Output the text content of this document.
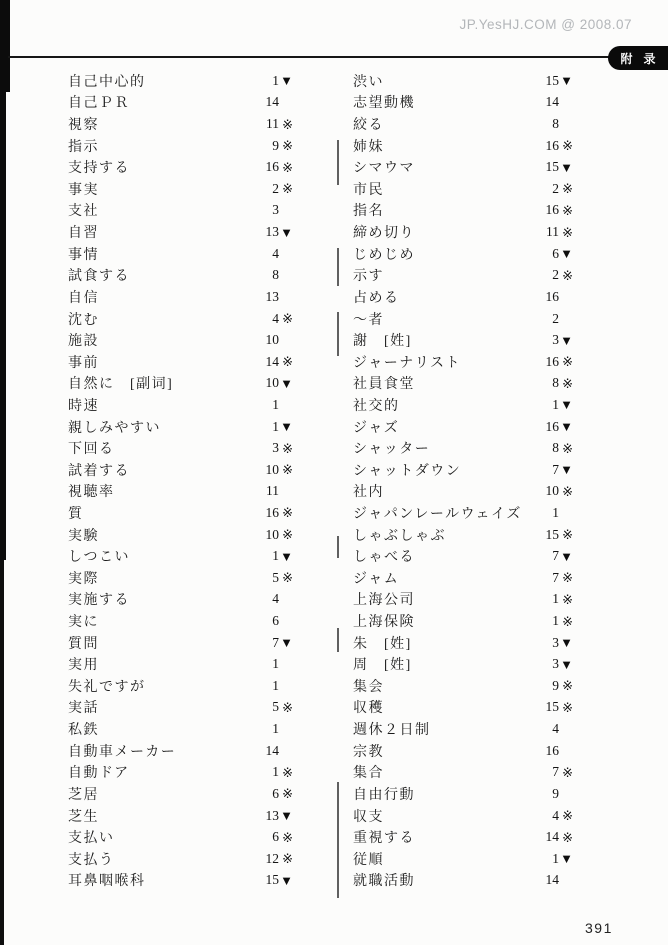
JP.YesHJ.COM @ 2008.07
附 录
自己中心的	1 ▼
自己ＰＲ	14
視察	11 ※
指示	9 ※
支持する	16 ※
事実	2 ※
支社	3
自習	13 ▼
事情	4
試食する	8
自信	13
沈む	4 ※
施設	10
事前	14 ※
自然に　[副词]	10 ▼
時速	1
親しみやすい	1 ▼
下回る	3 ※
試着する	10 ※
視聴率	11
質	16 ※
実験	10 ※
しつこい	1 ▼
実際	5 ※
実施する	4
実に	6
質問	7 ▼
実用	1
失礼ですが	1
実話	5 ※
私鉄	1
自動車メーカー	14
自動ドア	1 ※
芝居	6 ※
芝生	13 ▼
支払い	6 ※
支払う	12 ※
耳鼻咽喉科	15 ▼
渋い	15 ▼
志望動機	14
絞る	8
姉妹	16 ※
シマウマ	15 ▼
市民	2 ※
指名	16 ※
締め切り	11 ※
じめじめ	6 ▼
示す	2 ※
占める	16
～者	2
謝　[姓]	3 ▼
ジャーナリスト	16 ※
社員食堂	8 ※
社交的	1 ▼
ジャズ	16 ▼
シャッター	8 ※
シャットダウン	7 ▼
社内	10 ※
ジャパンレールウェイズ	1
しゃぶしゃぶ	15 ※
しゃべる	7 ▼
ジャム	7 ※
上海公司	1 ※
上海保険	1 ※
朱　[姓]	3 ▼
周　[姓]	3 ▼
集会	9 ※
収穫	15 ※
週休２日制	4
宗教	16
集合	7 ※
自由行動	9
収支	4 ※
重視する	14 ※
従順	1 ▼
就職活動	14
391
